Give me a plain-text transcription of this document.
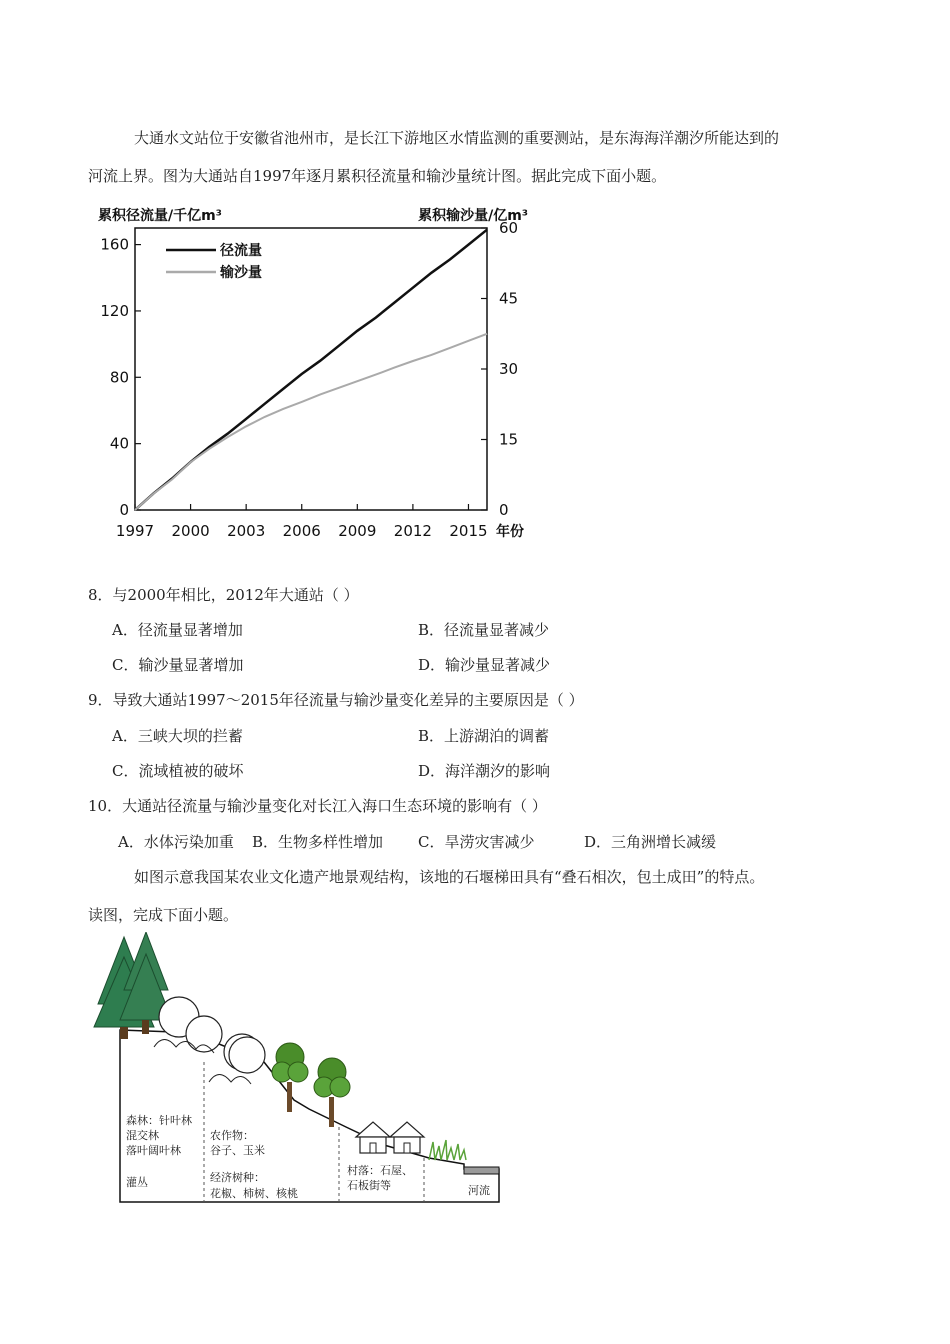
大通水文站位于安徽省池州市，是长江下游地区水情监测的重要测站，是东海海洋潮汐所能达到的
河流上界。图为大通站自1997年逐月累积径流量和输沙量统计图。据此完成下面小题。
累积径流量/千亿m³	累积输沙量/亿m³
0
40
80
120
160
0
15
30
45
60
1997 2000 2003 2006 2009 2012 2015
径流量
输沙量
年份
8．与2000年相比，2012年大通站（ ）
A．径流量显著增加	B．径流量显著减少
C．输沙量显著增加	D．输沙量显著减少
9．导致大通站1997～2015年径流量与输沙量变化差异的主要原因是（ ）
A．三峡大坝的拦蓄	B．上游湖泊的调蓄
C．流域植被的破坏	D．海洋潮汐的影响
10．大通站径流量与输沙量变化对长江入海口生态环境的影响有（ ）
A．水体污染加重 B．生物多样性增加 C．旱涝灾害减少	D．三角洲增长减缓
如图示意我国某农业文化遗产地景观结构，该地的石堰梯田具有“叠石相次，包土成田”的特点。
读图，完成下面小题。
森林：针叶林
混交林
落叶阔叶林
灌丛
农作物：
谷子、玉米
经济树种：
花椒、柿树、核桃
村落：石屋、
石板街等	河流
